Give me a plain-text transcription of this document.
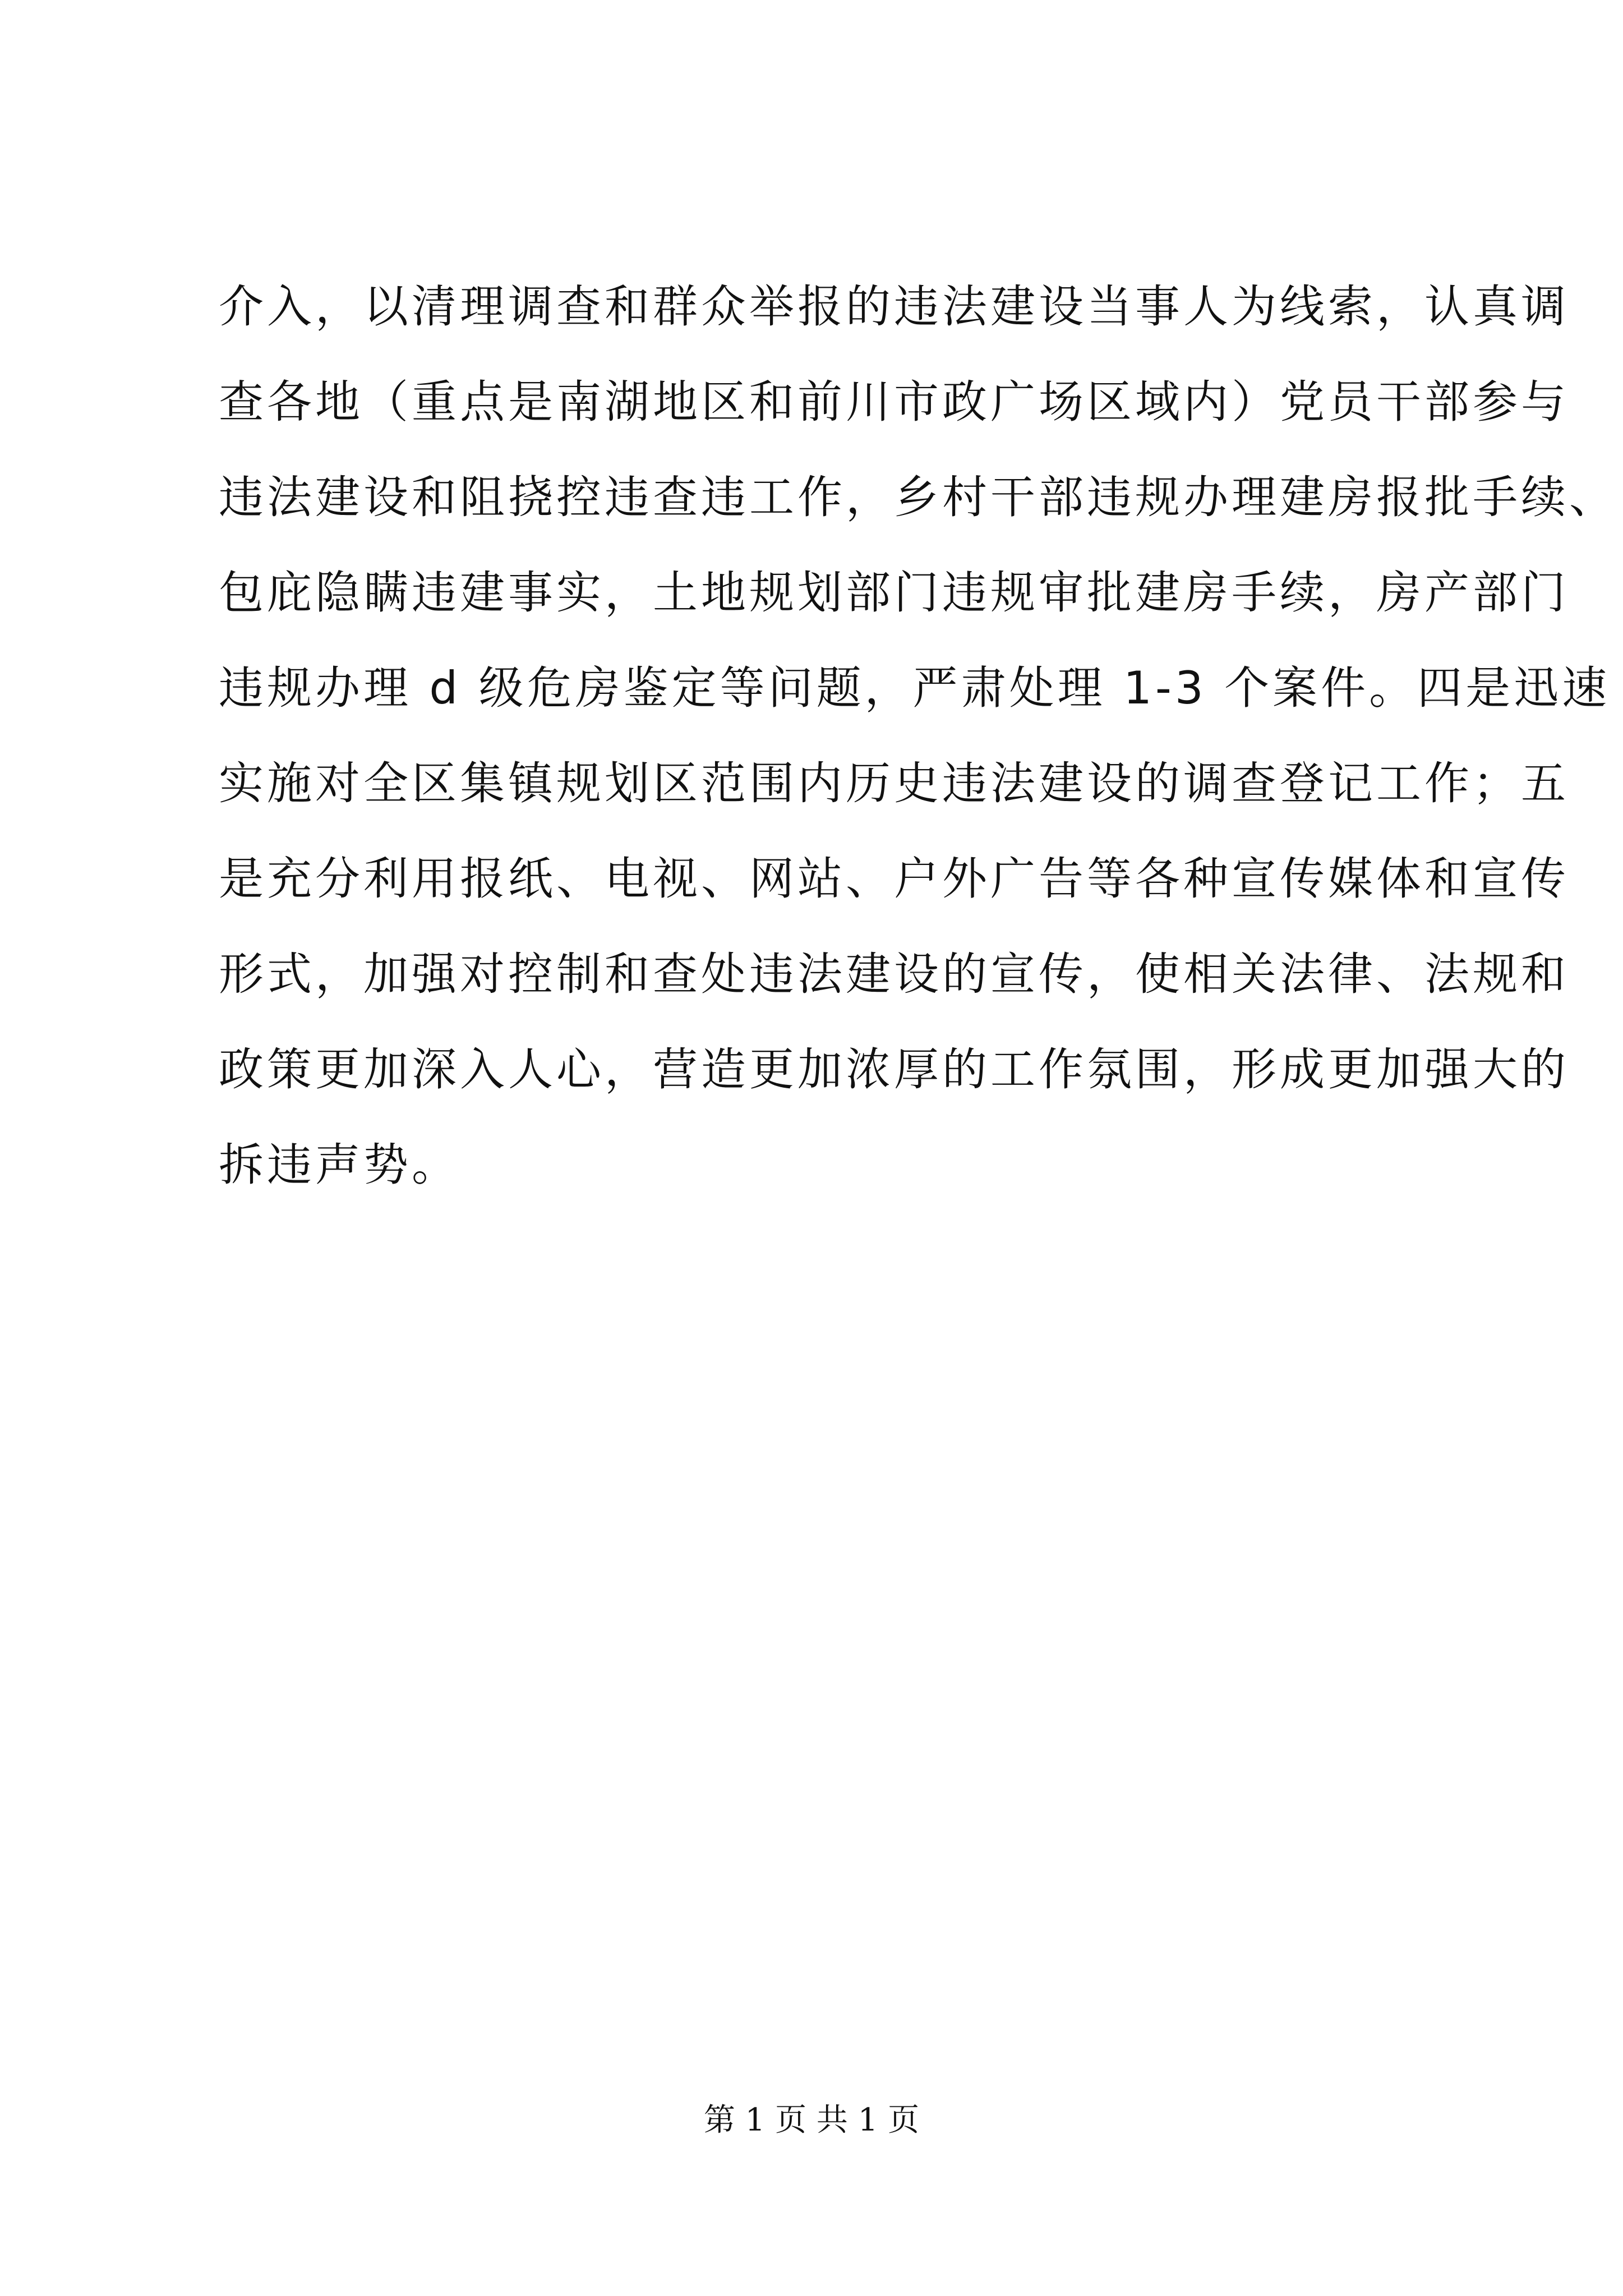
介入，以清理调查和群众举报的违法建设当事人为线索，认真调
查各地（重点是南湖地区和前川市政广场区域内）党员干部参与
违法建设和阻挠控违查违工作，乡村干部违规办理建房报批手续、
包庇隐瞒违建事实，土地规划部门违规审批建房手续，房产部门
违规办理 d 级危房鉴定等问题，严肃处理 1-3 个案件。四是迅速
实施对全区集镇规划区范围内历史违法建设的调查登记工作；五
是充分利用报纸、电视、网站、户外广告等各种宣传媒体和宣传
形式，加强对控制和查处违法建设的宣传，使相关法律、法规和
政策更加深入人心，营造更加浓厚的工作氛围，形成更加强大的
拆违声势。
第 1 页 共 1 页
